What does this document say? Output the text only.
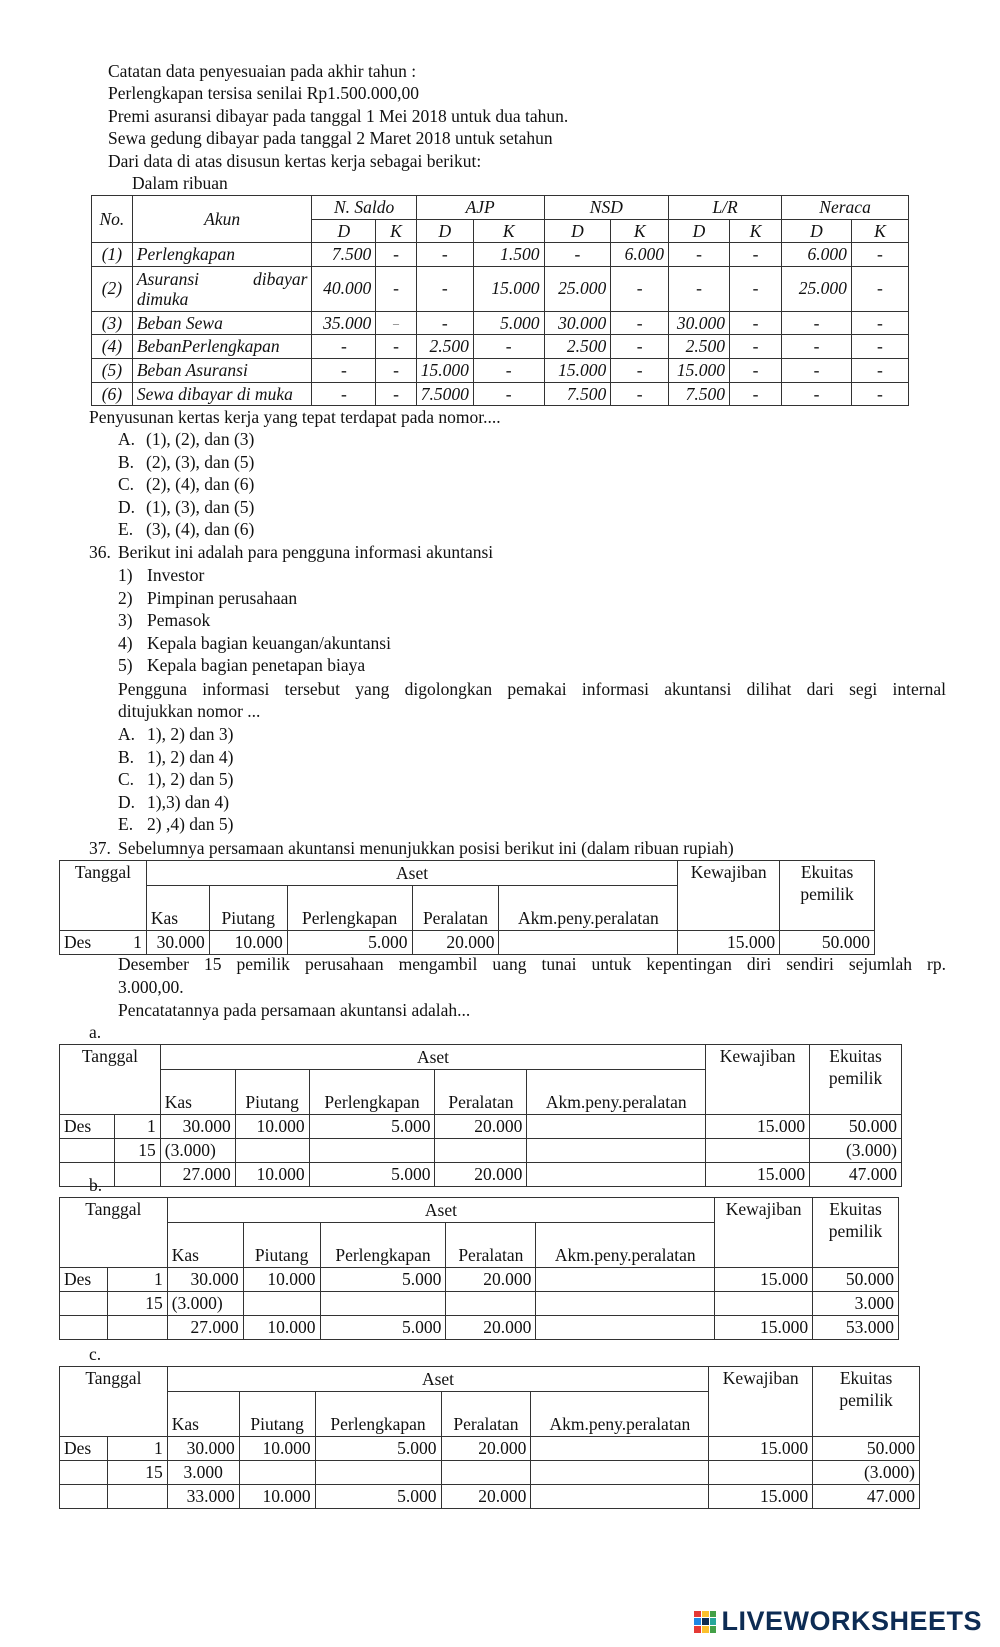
Catatan data penyesuaian pada akhir tahun :
Perlengkapan tersisa senilai Rp1.500.000,00
Premi asuransi dibayar pada tanggal 1 Mei 2018 untuk dua tahun.
Sewa gedung dibayar pada tanggal 2 Maret 2018 untuk setahun
Dari data di atas disusun kertas kerja sebagai berikut:
Dalam ribuan
No.	Akun	N. Saldo		AJP		NSD		L/R		Neraca	
		D	K	D	K	D	K	D	K	D	K
(1)	Perlengkapan	7.500	-	-	1.500	-	6.000	-	-	6.000	-
(2)	Asuransi dibayar
dimuka	40.000	-	-	15.000	25.000	-	-	-	25.000	-
(3)	Beban Sewa	35.000	–	-	5.000	30.000	-	30.000	-	-	-
(4)	BebanPerlengkapan	-	-	2.500	-	2.500	-	2.500	-	-	-
(5)	Beban Asuransi	-	-	15.000	-	15.000	-	15.000	-	-	-
(6)	Sewa dibayar di muka	-	-	7.5000	-	7.500	-	7.500	-	-	-
Penyusunan kertas kerja yang tepat terdapat pada nomor....
A. (1), (2), dan (3)
B. (2), (3), dan (5)
C. (2), (4), dan (6)
D. (1), (3), dan (5)
E. (3), (4), dan (6)
36. Berikut ini adalah para pengguna informasi akuntansi
1) Investor
2) Pimpinan perusahaan
3) Pemasok
4) Kepala bagian keuangan/akuntansi
5) Kepala bagian penetapan biaya
Pengguna informasi tersebut yang digolongkan pemakai informasi akuntansi dilihat dari segi internal
ditujukkan nomor ...
A. 1), 2) dan 3)
B. 1), 2) dan 4)
C. 1), 2) dan 5)
D. 1),3) dan 4)
E. 2) ,4) dan 5)
37. Sebelumnya persamaan akuntansi menunjukkan posisi berikut ini (dalam ribuan rupiah)
Tanggal		Aset					Kewajiban	Ekuitas
pemilik

		Kas	Piutang	Perlengkapan	Peralatan	Akm.peny.peralatan		
Des	1	30.000	10.000	5.000	20.000		15.000	50.000
Desember 15 pemilik perusahaan mengambil uang tunai untuk kepentingan diri sendiri sejumlah rp.
3.000,00.
Pencatatannya pada persamaan akuntansi adalah...
a.
Tanggal		Aset					Kewajiban	Ekuitas
pemilik

		Kas	Piutang	Perlengkapan	Peralatan	Akm.peny.peralatan		
Des	1	30.000	10.000	5.000	20.000		15.000	50.000
	15	(3.000)						(3.000)
		27.000	10.000	5.000	20.000		15.000	47.000
b.
Tanggal		Aset					Kewajiban	Ekuitas
pemilik

		Kas	Piutang	Perlengkapan	Peralatan	Akm.peny.peralatan		
Des	1	30.000	10.000	5.000	20.000		15.000	50.000
	15	(3.000)						3.000
		27.000	10.000	5.000	20.000		15.000	53.000
c.
Tanggal		Aset					Kewajiban	Ekuitas
pemilik

		Kas	Piutang	Perlengkapan	Peralatan	Akm.peny.peralatan		
Des	1	30.000	10.000	5.000	20.000		15.000	50.000
	15	3.000						(3.000)
		33.000	10.000	5.000	20.000		15.000	47.000
LIVEWORKSHEETS
